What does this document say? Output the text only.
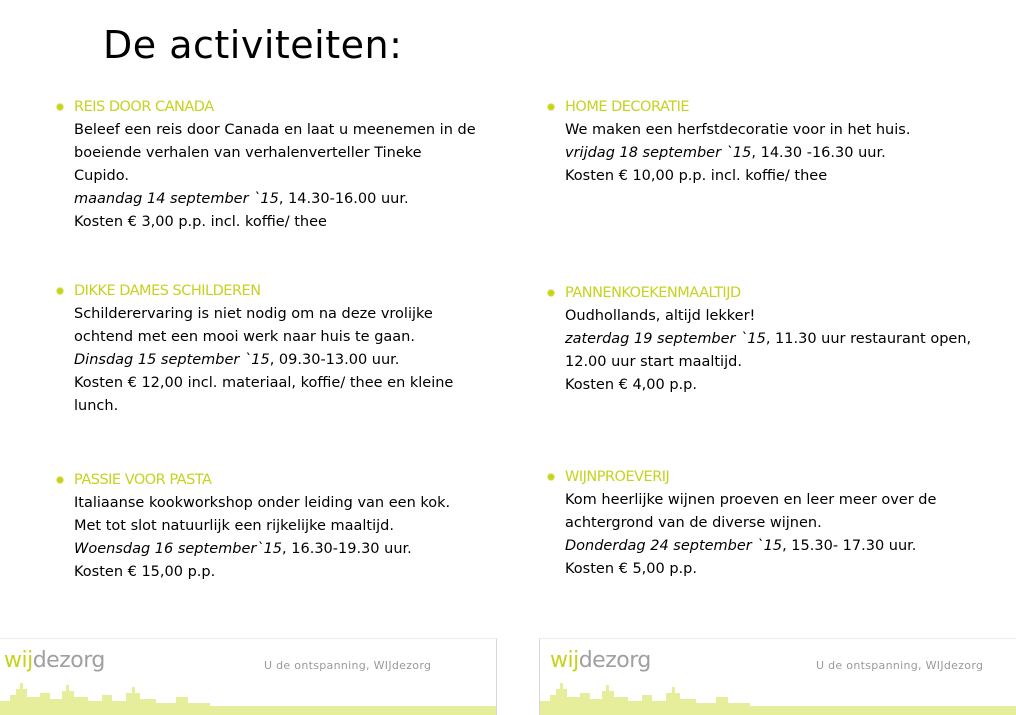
De activiteiten:
REIS DOOR CANADA
Beleef een reis door Canada en laat u meenemen in de
boeiende verhalen van verhalenverteller Tineke
Cupido.
maandag 14 september `15, 14.30-16.00 uur.
Kosten € 3,00 p.p. incl. koffie/ thee
HOME DECORATIE
We maken een herfstdecoratie voor in het huis.
vrijdag 18 september `15, 14.30 -16.30 uur.
Kosten € 10,00 p.p. incl. koffie/ thee
DIKKE DAMES SCHILDEREN
Schilderervaring is niet nodig om na deze vrolijke
ochtend met een mooi werk naar huis te gaan.
Dinsdag 15 september `15, 09.30-13.00 uur.
Kosten € 12,00 incl. materiaal, koffie/ thee en kleine
lunch.
PANNENKOEKENMAALTIJD
Oudhollands, altijd lekker!
zaterdag 19 september `15, 11.30 uur restaurant open,
12.00 uur start maaltijd.
Kosten € 4,00 p.p.
PASSIE VOOR PASTA
Italiaanse kookworkshop onder leiding van een kok.
Met tot slot natuurlijk een rijkelijke maaltijd.
Woensdag 16 september`15, 16.30-19.30 uur.
Kosten € 15,00 p.p.
WIJNPROEVERIJ
Kom heerlijke wijnen proeven en leer meer over de
achtergrond van de diverse wijnen.
Donderdag 24 september `15, 15.30- 17.30 uur.
Kosten € 5,00 p.p.
wijdezorg	U de ontspanning, WIJdezorg	wijdezorg	U de ontspanning, WIJdezorg
